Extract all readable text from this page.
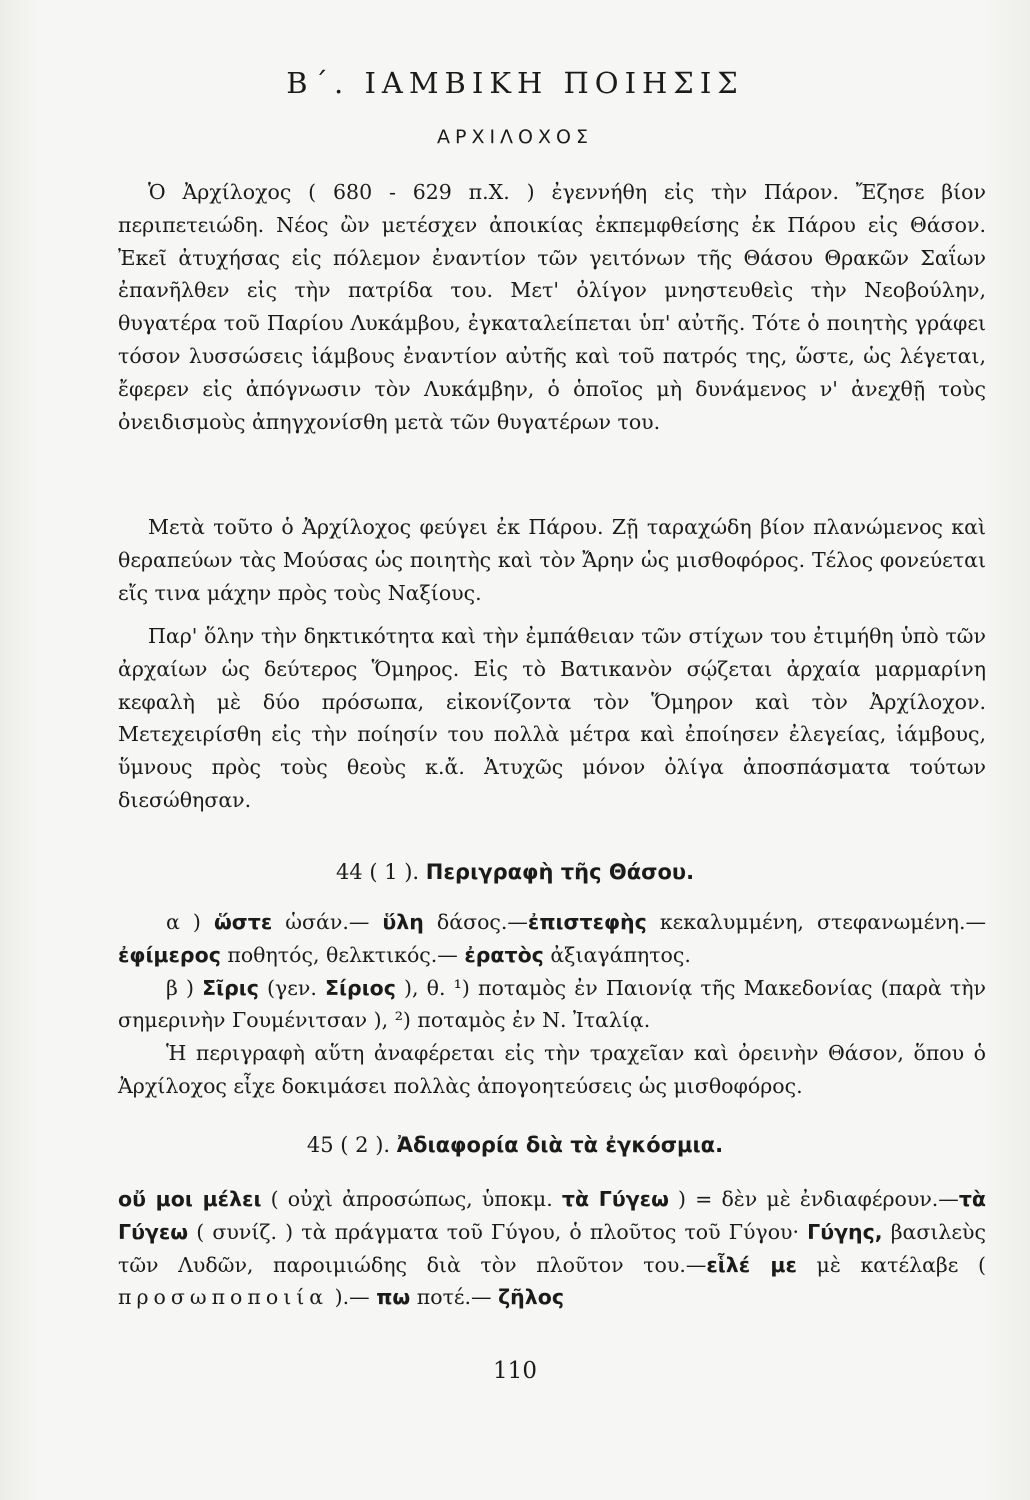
Β΄. ΙΑΜΒΙΚΗ ΠΟΙΗΣΙΣ
ΑΡΧΙΛΟΧΟΣ

Ὁ Ἀρχίλοχος ( 680 - 629 π.Χ. ) ἐγεννήθη εἰς τὴν Πάρον. Ἔζησε βίον περιπετειώδη. Νέος ὢν μετέσχεν ἀποικίας ἐκπεμφθείσης ἐκ Πάρου εἰς Θάσον. Ἐκεῖ ἀτυχήσας εἰς πόλεμον ἐναντίον τῶν γειτόνων τῆς Θάσου Θρακῶν Σαΐων ἐπανῆλθεν εἰς τὴν πατρίδα του. Μετ' ὀλίγον μνηστευθεὶς τὴν Νεοβούλην, θυγατέρα τοῦ Παρίου Λυκάμβου, ἐγκαταλείπεται ὑπ' αὐτῆς. Τότε ὁ ποιητὴς γράφει τόσον λυσσώσεις ἰάμβους ἐναντίον αὐτῆς καὶ τοῦ πατρός της, ὥστε, ὡς λέγεται, ἔφερεν εἰς ἀπόγνωσιν τὸν Λυκάμβην, ὁ ὁποῖος μὴ δυνάμενος ν' ἀνεχθῇ τοὺς ὀνειδισμοὺς ἀπηγχονίσθη μετὰ τῶν θυγατέρων του.

Μετὰ τοῦτο ὁ Ἀρχίλοχος φεύγει ἐκ Πάρου. Ζῇ ταραχώδη βίον πλανώμενος καὶ θεραπεύων τὰς Μούσας ὡς ποιητὴς καὶ τὸν Ἄρην ὡς μισθοφόρος. Τέλος φονεύεται εἴς τινα μάχην πρὸς τοὺς Ναξίους.

Παρ' ὅλην τὴν δηκτικότητα καὶ τὴν ἐμπάθειαν τῶν στίχων του ἐτιμήθη ὑπὸ τῶν ἀρχαίων ὡς δεύτερος Ὅμηρος. Εἰς τὸ Βατικανὸν σῴζεται ἀρχαία μαρμαρίνη κεφαλὴ μὲ δύο πρόσωπα, εἰκονίζοντα τὸν Ὅμηρον καὶ τὸν Ἀρχίλοχον. Μετεχειρίσθη εἰς τὴν ποίησίν του πολλὰ μέτρα καὶ ἐποίησεν ἐλεγείας, ἰάμβους, ὕμνους πρὸς τοὺς θεοὺς κ.ἄ. Ἀτυχῶς μόνον ὀλίγα ἀποσπάσματα τούτων διεσώθησαν.

44 ( 1 ). Περιγραφὴ τῆς Θάσου.

α ) ὥστε ὡσάν.— ὕλη δάσος.—ἐπιστεφὴς κεκαλυμμένη, στεφανωμένη.— ἐφίμερος ποθητός, θελκτικός.— ἐρατὸς ἀξιαγάπητος.

β ) Σῖρις (γεν. Σίριος ), θ. ¹) ποταμὸς ἐν Παιονίᾳ τῆς Μακεδονίας (παρὰ τὴν σημερινὴν Γουμένιτσαν ), ²) ποταμὸς ἐν Ν. Ἰταλίᾳ.

Ἡ περιγραφὴ αὕτη ἀναφέρεται εἰς τὴν τραχεῖαν καὶ ὀρεινὴν Θάσον, ὅπου ὁ Ἀρχίλοχος εἶχε δοκιμάσει πολλὰς ἀπογοητεύσεις ὡς μισθοφόρος.

45 ( 2 ). Ἀδιαφορία διὰ τὰ ἐγκόσμια.

οὔ μοι μέλει ( οὐχὶ ἀπροσώπως, ὑποκμ. τὰ Γύγεω ) = δὲν μὲ ἐνδιαφέρουν.—τὰ Γύγεω ( συνίζ. ) τὰ πράγματα τοῦ Γύγου, ὁ πλοῦτος τοῦ Γύγου· Γύγης, βασιλεὺς τῶν Λυδῶν, παροιμιώδης διὰ τὸν πλοῦτον του.—εἷλέ με μὲ κατέλαβε ( προσωποποιία ).— πω ποτέ.— ζῆλος

110
